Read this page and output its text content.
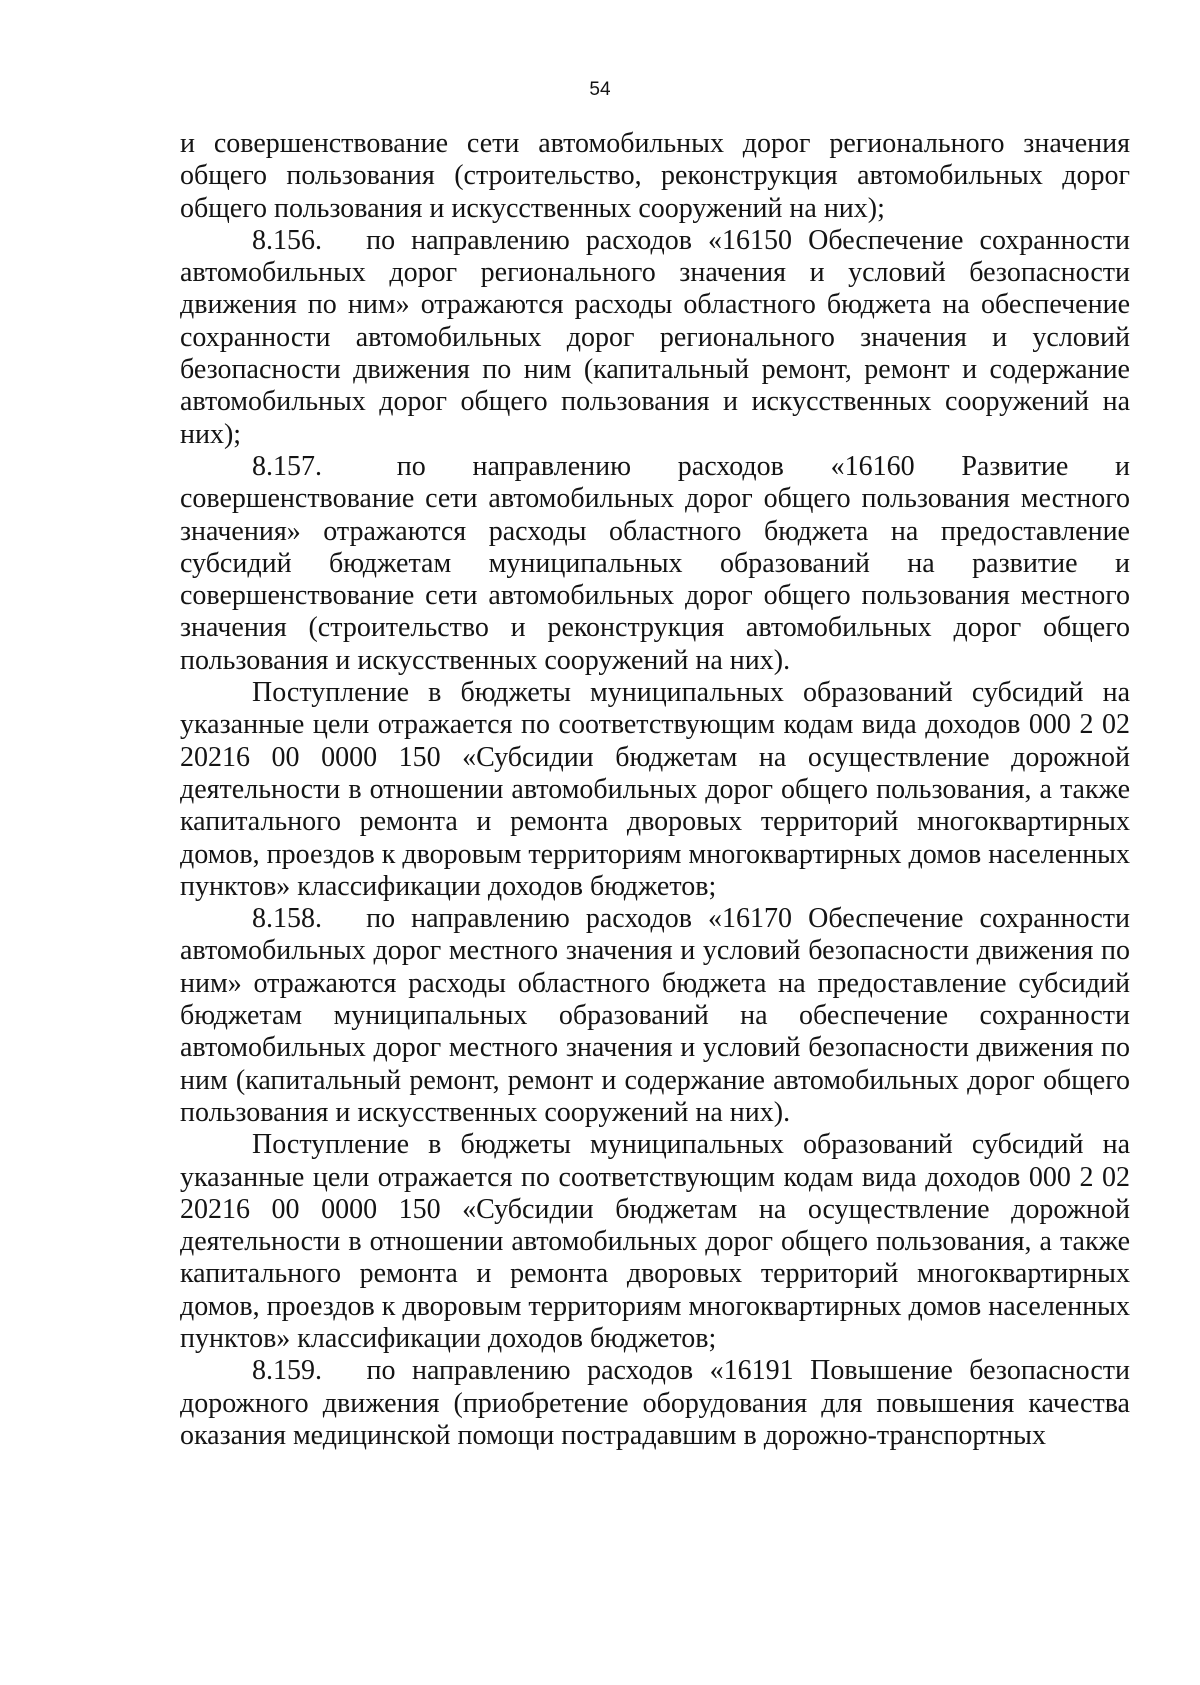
54

и совершенствование сети автомобильных дорог регионального значения общего пользования (строительство, реконструкция автомобильных дорог общего пользования и искусственных сооружений на них);

8.156.  по направлению расходов «16150 Обеспечение сохранности автомобильных дорог регионального значения и условий безопасности движения по ним» отражаются расходы областного бюджета на обеспечение сохранности автомобильных дорог регионального значения и условий безопасности движения по ним (капитальный ремонт, ремонт и содержание автомобильных дорог общего пользования и искусственных сооружений на них);

8.157.  по направлению расходов «16160 Развитие и совершенствование сети автомобильных дорог общего пользования местного значения» отражаются расходы областного бюджета на предоставление субсидий бюджетам муниципальных образований на развитие и совершенствование сети автомобильных дорог общего пользования местного значения (строительство и реконструкция автомобильных дорог общего пользования и искусственных сооружений на них).

Поступление в бюджеты муниципальных образований субсидий на указанные цели отражается по соответствующим кодам вида доходов 000 2 02 20216 00 0000 150 «Субсидии бюджетам на осуществление дорожной деятельности в отношении автомобильных дорог общего пользования, а также капитального ремонта и ремонта дворовых территорий многоквартирных домов, проездов к дворовым территориям многоквартирных домов населенных пунктов» классификации доходов бюджетов;

8.158.  по направлению расходов «16170 Обеспечение сохранности автомобильных дорог местного значения и условий безопасности движения по ним» отражаются расходы областного бюджета на предоставление субсидий бюджетам муниципальных образований на обеспечение сохранности автомобильных дорог местного значения и условий безопасности движения по ним (капитальный ремонт, ремонт и содержание автомобильных дорог общего пользования и искусственных сооружений на них).

Поступление в бюджеты муниципальных образований субсидий на указанные цели отражается по соответствующим кодам вида доходов 000 2 02 20216 00 0000 150 «Субсидии бюджетам на осуществление дорожной деятельности в отношении автомобильных дорог общего пользования, а также капитального ремонта и ремонта дворовых территорий многоквартирных домов, проездов к дворовым территориям многоквартирных домов населенных пунктов» классификации доходов бюджетов;

8.159.  по направлению расходов «16191 Повышение безопасности дорожного движения (приобретение оборудования для повышения качества оказания медицинской помощи пострадавшим в дорожно-транспортных
